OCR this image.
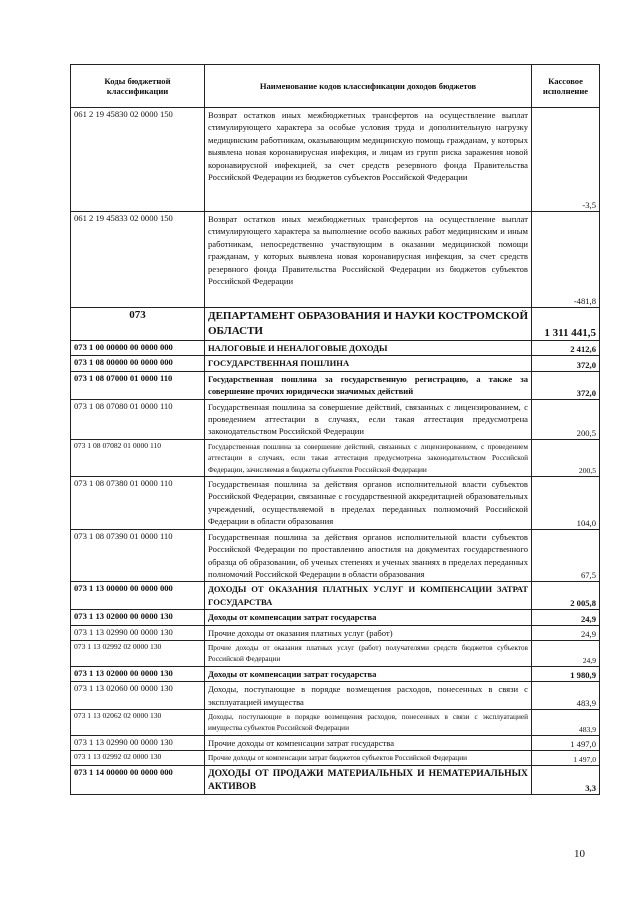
Коды бюджетной классификации	Наименование кодов классификации доходов бюджетов	Кассовое исполнение
061 2 19 45830 02 0000 150	Возврат остатков иных межбюджетных трансфертов на осуществление выплат стимулирующего характера за особые условия труда и дополнительную нагрузку медицинским работникам, оказывающим медицинскую помощь гражданам, у которых выявлена новая коронавирусная инфекция, и лицам из групп риска заражения новой коронавирусной инфекцией, за счет средств резервного фонда Правительства Российской Федерации из бюджетов субъектов Российской Федерации	-3,5
061 2 19 45833 02 0000 150	Возврат остатков иных межбюджетных трансфертов на осуществление выплат стимулирующего характера за выполнение особо важных работ медицинским и иным работникам, непосредственно участвующим в оказании медицинской помощи гражданам, у которых выявлена новая коронавирусная инфекция, за счет средств резервного фонда Правительства Российской Федерации из бюджетов субъектов Российской Федерации	-481,8
073	ДЕПАРТАМЕНТ ОБРАЗОВАНИЯ И НАУКИ КОСТРОМСКОЙ ОБЛАСТИ	1 311 441,5
073 1 00 00000 00 0000 000	НАЛОГОВЫЕ И НЕНАЛОГОВЫЕ ДОХОДЫ	2 412,6
073 1 08 00000 00 0000 000	ГОСУДАРСТВЕННАЯ ПОШЛИНА	372,0
073 1 08 07000 01 0000 110	Государственная пошлина за государственную регистрацию, а также за совершение прочих юридически значимых действий	372,0
073 1 08 07080 01 0000 110	Государственная пошлина за совершение действий, связанных с лицензированием, с проведением аттестации в случаях, если такая аттестация предусмотрена законодательством Российской Федерации	200,5
073 1 08 07082 01 0000 110	Государственная пошлина за совершение действий, связанных с лицензированием, с проведением аттестации в случаях, если такая аттестация предусмотрена законодательством Российской Федерации, зачисляемая в бюджеты субъектов Российской Федерации	200,5
073 1 08 07380 01 0000 110	Государственная пошлина за действия органов исполнительной власти субъектов Российской Федерации, связанные с государственной аккредитацией образовательных учреждений, осуществляемой в пределах переданных полномочий Российской Федерации в области образования	104,0
073 1 08 07390 01 0000 110	Государственная пошлина за действия органов исполнительной власти субъектов Российской Федерации по проставлению апостиля на документах государственного образца об образовании, об ученых степенях и ученых званиях в пределах переданных полномочий Российской Федерации в области образования	67,5
073 1 13 00000 00 0000 000	ДОХОДЫ ОТ ОКАЗАНИЯ ПЛАТНЫХ УСЛУГ И КОМПЕНСАЦИИ ЗАТРАТ ГОСУДАРСТВА	2 005,8
073 1 13 02000 00 0000 130	Доходы от компенсации затрат государства	24,9
073 1 13 02990 00 0000 130	Прочие доходы от оказания платных услуг (работ)	24,9
073 1 13 02992 02 0000 130	Прочие доходы от оказания платных услуг (работ) получателями средств бюджетов субъектов Российской Федерации	24,9
073 1 13 02000 00 0000 130	Доходы от компенсации затрат государства	1 980,9
073 1 13 02060 00 0000 130	Доходы, поступающие в порядке возмещения расходов, понесенных в связи с эксплуатацией имущества	483,9
073 1 13 02062 02 0000 130	Доходы, поступающие в порядке возмещения расходов, понесенных в связи с эксплуатацией имущества субъектов Российской Федерации	483,9
073 1 13 02990 00 0000 130	Прочие доходы от компенсации затрат государства	1 497,0
073 1 13 02992 02 0000 130	Прочие доходы от компенсации затрат бюджетов субъектов Российской Федерации	1 497,0
073 1 14 00000 00 0000 000	ДОХОДЫ ОТ ПРОДАЖИ МАТЕРИАЛЬНЫХ И НЕМАТЕРИАЛЬНЫХ АКТИВОВ	3,3
10
